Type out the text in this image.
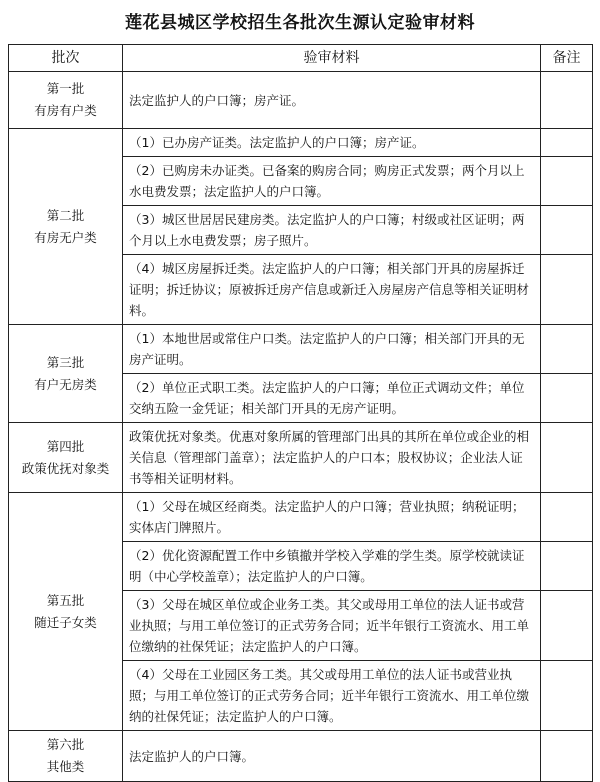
莲花县城区学校招生各批次生源认定验审材料
批次	验审材料	备注

第一批
有房有户类	法定监护人的户口簿；房产证。	

第二批
有房无户类	（1）已办房产证类。法定监护人的户口簿；房产证。	
	（2）已购房未办证类。已备案的购房合同；购房正式发票；两个月以上水电费发票；法定监护人的户口簿。	
	（3）城区世居居民建房类。法定监护人的户口簿；村级或社区证明；两个月以上水电费发票；房子照片。	
	（4）城区房屋拆迁类。法定监护人的户口簿；相关部门开具的房屋拆迁证明；拆迁协议；原被拆迁房产信息或新迁入房屋房产信息等相关证明材料。	

第三批
有户无房类	（1）本地世居或常住户口类。法定监护人的户口簿；相关部门开具的无房产证明。	
	（2）单位正式职工类。法定监护人的户口簿；单位正式调动文件；单位交纳五险一金凭证；相关部门开具的无房产证明。	

第四批
政策优抚对象类	政策优抚对象类。优惠对象所属的管理部门出具的其所在单位或企业的相关信息（管理部门盖章）；法定监护人的户口本；股权协议；企业法人证书等相关证明材料。	

第五批
随迁子女类	（1）父母在城区经商类。法定监护人的户口簿；营业执照；纳税证明；实体店门牌照片。	
	（2）优化资源配置工作中乡镇撤并学校入学难的学生类。原学校就读证明（中心学校盖章）；法定监护人的户口簿。	
	（3）父母在城区单位或企业务工类。其父或母用工单位的法人证书或营业执照；与用工单位签订的正式劳务合同；近半年银行工资流水、用工单位缴纳的社保凭证；法定监护人的户口簿。	
	（4）父母在工业园区务工类。其父或母用工单位的法人证书或营业执照；与用工单位签订的正式劳务合同；近半年银行工资流水、用工单位缴纳的社保凭证；法定监护人的户口簿。	

第六批
其他类	法定监护人的户口簿。	
